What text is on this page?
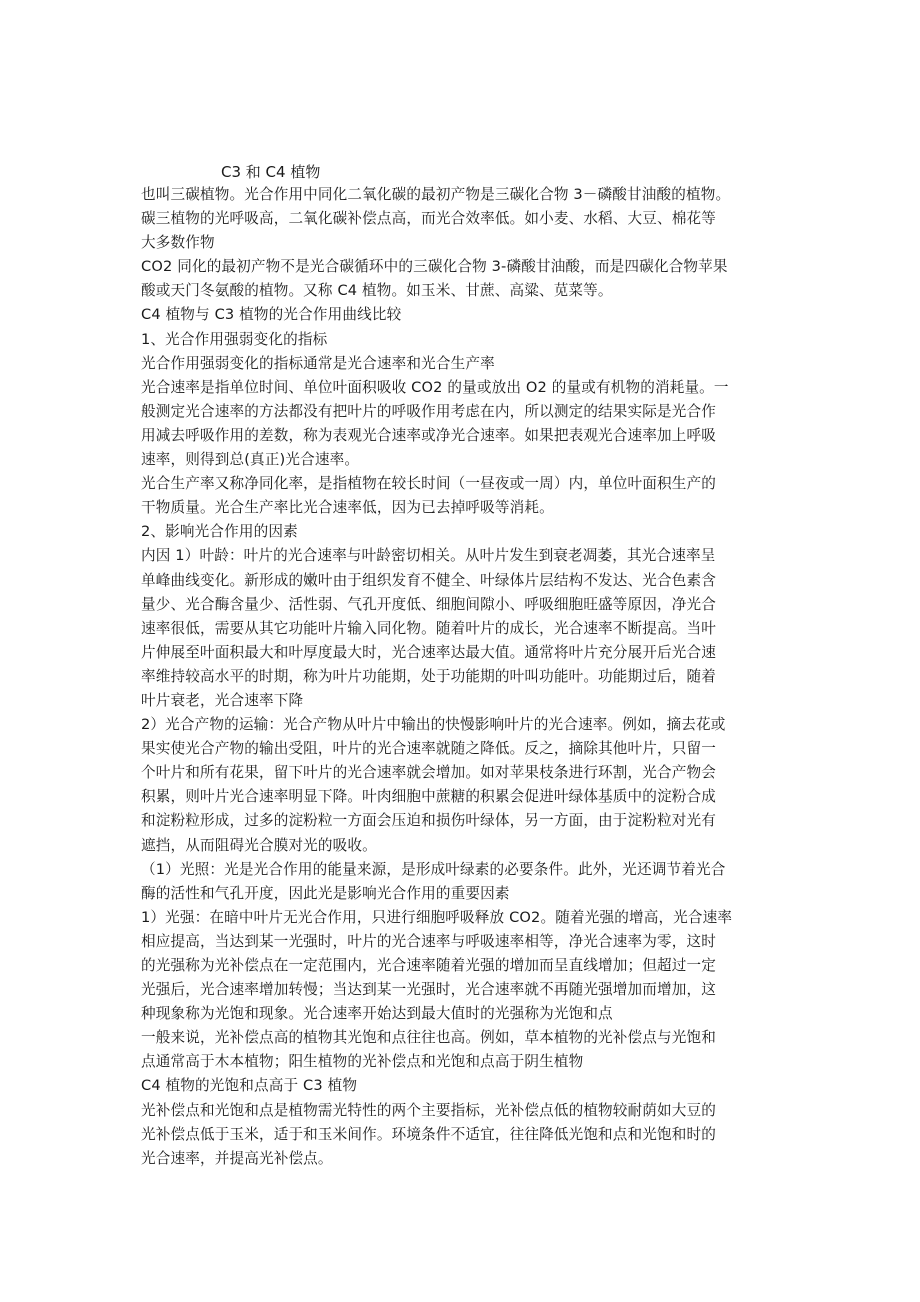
C3 和 C4 植物
也叫三碳植物。光合作用中同化二氧化碳的最初产物是三碳化合物 3－磷酸甘油酸的植物。
碳三植物的光呼吸高，二氧化碳补偿点高，而光合效率低。如小麦、水稻、大豆、棉花等
大多数作物
CO2 同化的最初产物不是光合碳循环中的三碳化合物 3-磷酸甘油酸，而是四碳化合物苹果
酸或天门冬氨酸的植物。又称 C4 植物。如玉米、甘蔗、高粱、苋菜等。
C4 植物与 C3 植物的光合作用曲线比较
1、光合作用强弱变化的指标
光合作用强弱变化的指标通常是光合速率和光合生产率
光合速率是指单位时间、单位叶面积吸收 CO2 的量或放出 O2 的量或有机物的消耗量。一
般测定光合速率的方法都没有把叶片的呼吸作用考虑在内，所以测定的结果实际是光合作
用减去呼吸作用的差数，称为表观光合速率或净光合速率。如果把表观光合速率加上呼吸
速率，则得到总(真正)光合速率。
光合生产率又称净同化率，是指植物在较长时间（一昼夜或一周）内，单位叶面积生产的
干物质量。光合生产率比光合速率低，因为已去掉呼吸等消耗。
2、影响光合作用的因素
内因 1）叶龄：叶片的光合速率与叶龄密切相关。从叶片发生到衰老凋萎，其光合速率呈
单峰曲线变化。新形成的嫩叶由于组织发育不健全、叶绿体片层结构不发达、光合色素含
量少、光合酶含量少、活性弱、气孔开度低、细胞间隙小、呼吸细胞旺盛等原因，净光合
速率很低，需要从其它功能叶片输入同化物。随着叶片的成长，光合速率不断提高。当叶
片伸展至叶面积最大和叶厚度最大时，光合速率达最大值。通常将叶片充分展开后光合速
率维持较高水平的时期，称为叶片功能期，处于功能期的叶叫功能叶。功能期过后，随着
叶片衰老，光合速率下降
2）光合产物的运输：光合产物从叶片中输出的快慢影响叶片的光合速率。例如，摘去花或
果实使光合产物的输出受阻，叶片的光合速率就随之降低。反之，摘除其他叶片，只留一
个叶片和所有花果，留下叶片的光合速率就会增加。如对苹果枝条进行环割，光合产物会
积累，则叶片光合速率明显下降。叶肉细胞中蔗糖的积累会促进叶绿体基质中的淀粉合成
和淀粉粒形成，过多的淀粉粒一方面会压迫和损伤叶绿体，另一方面，由于淀粉粒对光有
遮挡，从而阻碍光合膜对光的吸收。
（1）光照：光是光合作用的能量来源，是形成叶绿素的必要条件。此外，光还调节着光合
酶的活性和气孔开度，因此光是影响光合作用的重要因素
1）光强：在暗中叶片无光合作用，只进行细胞呼吸释放 CO2。随着光强的增高，光合速率
相应提高，当达到某一光强时，叶片的光合速率与呼吸速率相等，净光合速率为零，这时
的光强称为光补偿点在一定范围内，光合速率随着光强的增加而呈直线增加；但超过一定
光强后，光合速率增加转慢；当达到某一光强时，光合速率就不再随光强增加而增加，这
种现象称为光饱和现象。光合速率开始达到最大值时的光强称为光饱和点
一般来说，光补偿点高的植物其光饱和点往往也高。例如，草本植物的光补偿点与光饱和
点通常高于木本植物；阳生植物的光补偿点和光饱和点高于阴生植物
C4 植物的光饱和点高于 C3 植物
光补偿点和光饱和点是植物需光特性的两个主要指标，光补偿点低的植物较耐荫如大豆的
光补偿点低于玉米，适于和玉米间作。环境条件不适宜，往往降低光饱和点和光饱和时的
光合速率，并提高光补偿点。
